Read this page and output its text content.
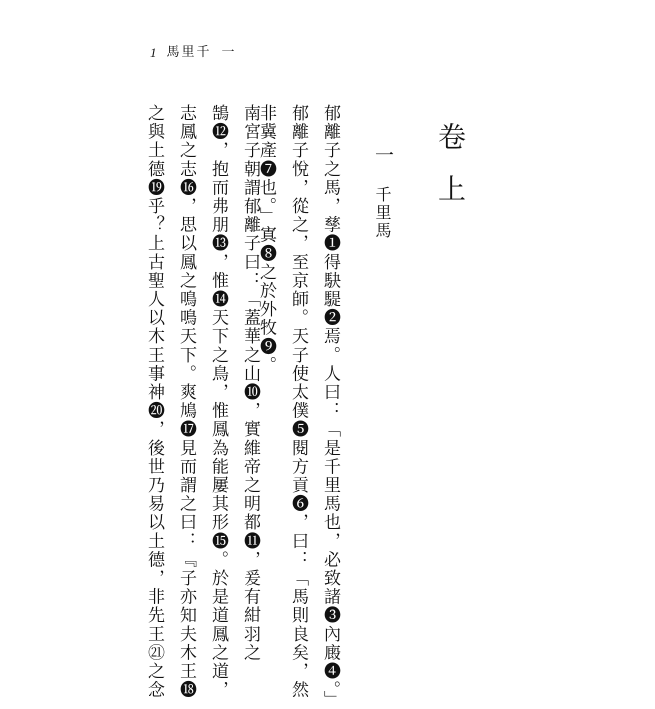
1 馬里千 一
卷上
一
千里馬
郁離子之馬，孳❶得駃騠❷焉。人曰：「是千里馬也，必致諸❸內廄❹。」
郁離子悅，從之，至京師。天子使太僕❺閱方貢❻，曰：「馬則良矣，然
非冀產❼也。」寘❽之於外牧❾。
南宮子朝謂郁離子曰：「蓋華之山❿，實維帝之明都⓫，爰有紺羽之
鵠⓬，抱而弗朋⓭，惟⓮天下之鳥，惟鳳為能屢其形⓯。於是道鳳之道，
志鳳之志⓰，思以鳳之鳴鳴天下。爽鳩⓱見而謂之曰：『子亦知夫木王⓲
之與土德⓳乎？上古聖人以木王事神⓴，後世乃易以土德，非先王㉑之念
